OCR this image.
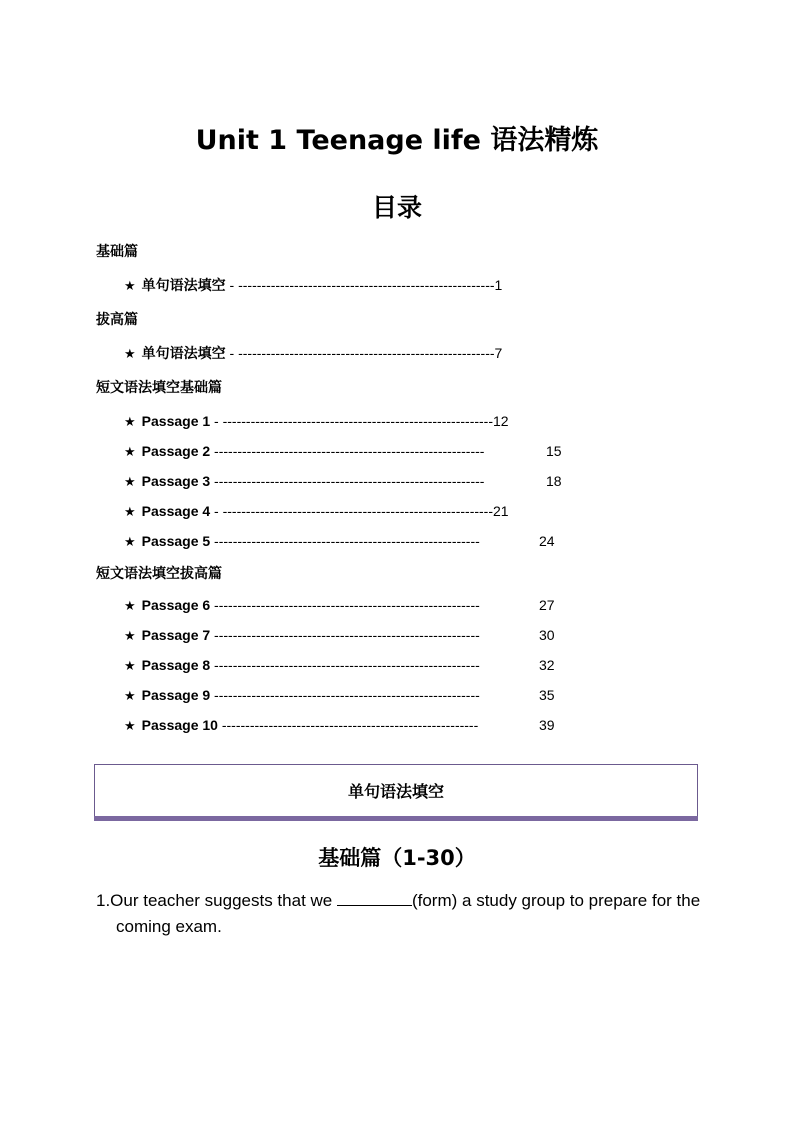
Unit 1 Teenage life 语法精炼
目录
基础篇
★ 单句语法填空 - -------------------------------------------------------1
拔高篇
★ 单句语法填空 - -------------------------------------------------------7
短文语法填空基础篇
★ Passage 1 - ----------------------------------------------------------12
★ Passage 2 ----------------------------------------------------------	15
★ Passage 3 ----------------------------------------------------------	18
★ Passage 4 - ----------------------------------------------------------21
★ Passage 5 ---------------------------------------------------------	24
短文语法填空拔高篇
★ Passage 6 ---------------------------------------------------------	27
★ Passage 7 ---------------------------------------------------------	30
★ Passage 8 ---------------------------------------------------------	32
★ Passage 9 ---------------------------------------------------------	35
★ Passage 10 -------------------------------------------------------	39
单句语法填空
基础篇（1-30）
1.Our teacher suggests that we	(form) a study group to prepare for the coming exam.
